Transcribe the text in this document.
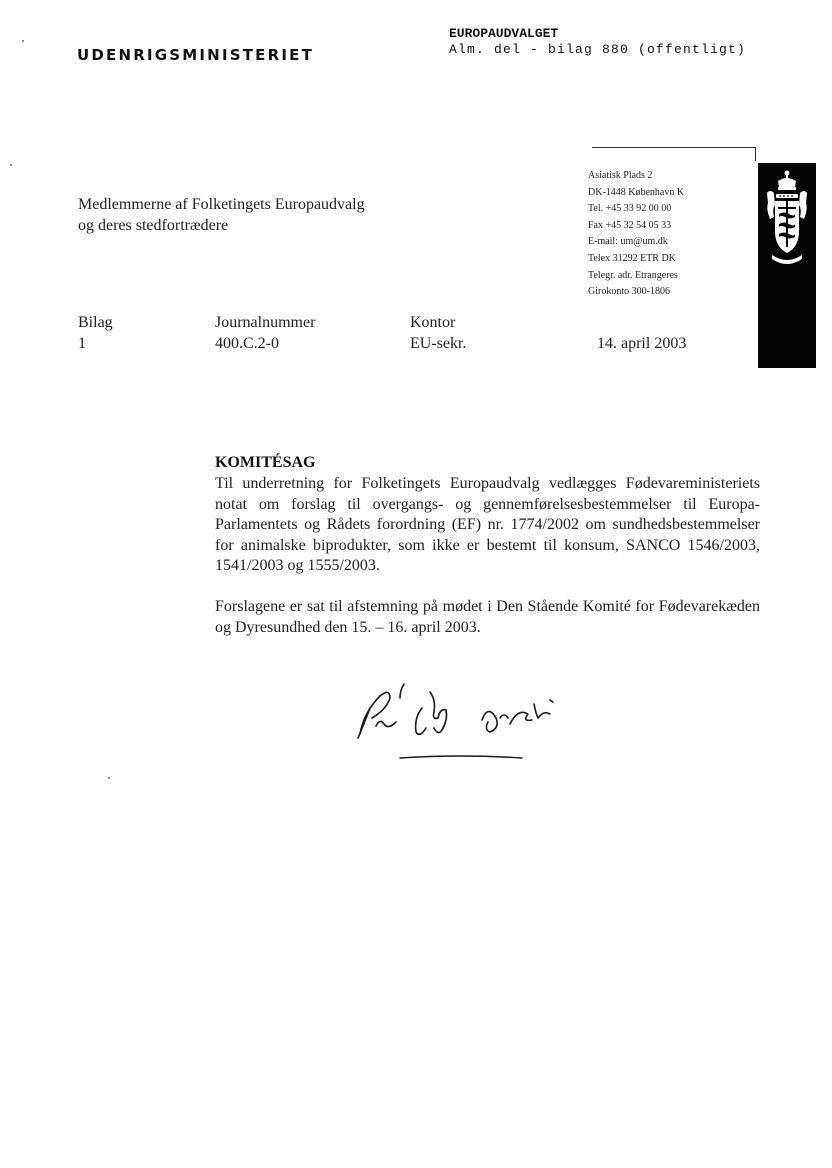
UDENRIGSMINISTERIET
EUROPAUDVALGET
Alm. del - bilag 880 (offentligt)
Medlemmerne af Folketingets Europaudvalg
og deres stedfortrædere
Asiatisk Plads 2
DK-1448 København K
Tel. +45 33 92 00 00
Fax +45 32 54 05 33
E-mail: um@um.dk
Telex 31292 ETR DK
Telegr. adr. Etrangeres
Girokonto 300-1806
Bilag
1
Journalnummer
400.C.2-0
Kontor
EU-sekr.	14. april 2003
KOMITÉSAG
Til underretning for Folketingets Europaudvalg vedlægges Fødevareministeriets notat om forslag til overgangs- og gennemførelsesbestemmelser til Europa-Parlamentets og Rådets forordning (EF) nr. 1774/2002 om sundhedsbestemmelser for animalske biprodukter, som ikke er bestemt til konsum, SANCO 1546/2003, 1541/2003 og 1555/2003.
Forslagene er sat til afstemning på mødet i Den Stående Komité for Fødevarekæden og Dyresundhed den 15. – 16. april 2003.
